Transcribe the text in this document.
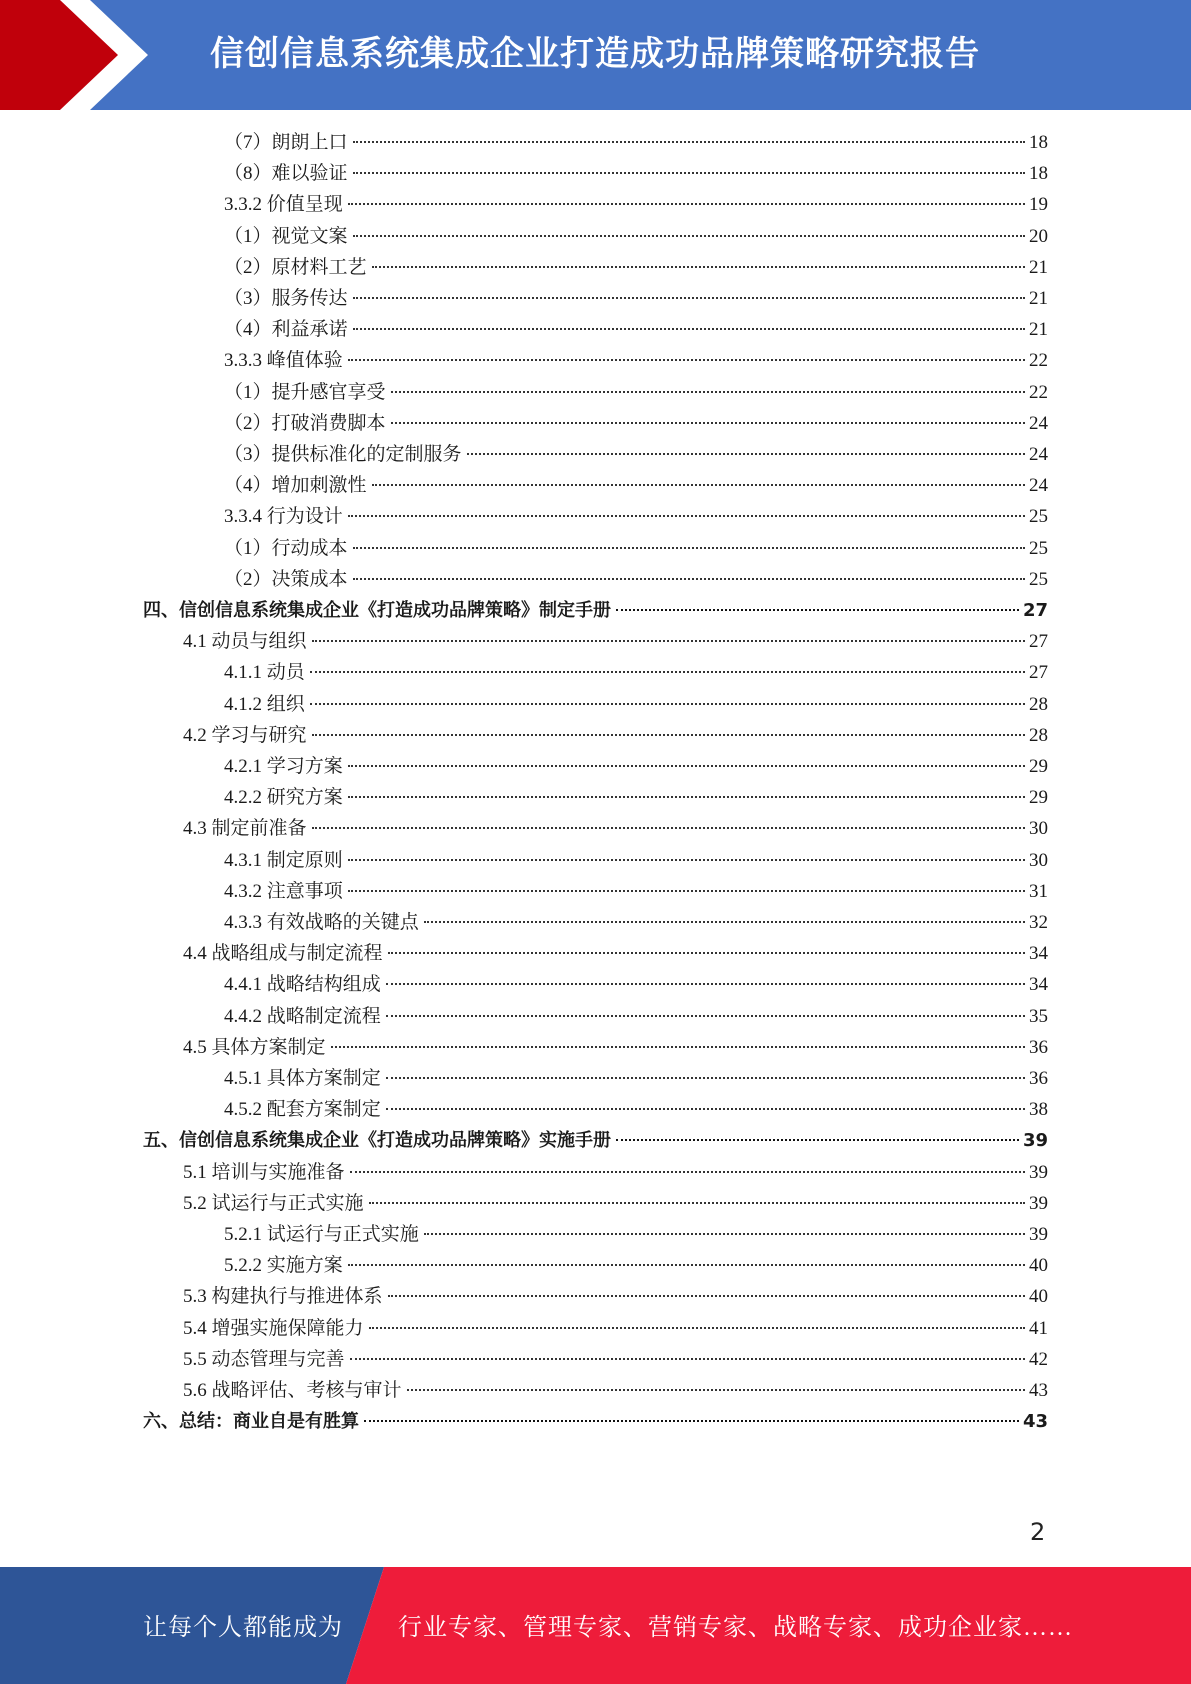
信创信息系统集成企业打造成功品牌策略研究报告
（7）朗朗上口	18
（8）难以验证	18
3.3.2 价值呈现	19
（1）视觉文案	20
（2）原材料工艺	21
（3）服务传达	21
（4）利益承诺	21
3.3.3 峰值体验	22
（1）提升感官享受	22
（2）打破消费脚本	24
（3）提供标准化的定制服务	24
（4）增加刺激性	24
3.3.4 行为设计	25
（1）行动成本	25
（2）决策成本	25
四、信创信息系统集成企业《打造成功品牌策略》制定手册	27
4.1 动员与组织	27
4.1.1 动员	27
4.1.2 组织	28
4.2 学习与研究	28
4.2.1 学习方案	29
4.2.2 研究方案	29
4.3 制定前准备	30
4.3.1 制定原则	30
4.3.2 注意事项	31
4.3.3 有效战略的关键点	32
4.4 战略组成与制定流程	34
4.4.1 战略结构组成	34
4.4.2 战略制定流程	35
4.5 具体方案制定	36
4.5.1 具体方案制定	36
4.5.2 配套方案制定	38
五、信创信息系统集成企业《打造成功品牌策略》实施手册	39
5.1 培训与实施准备	39
5.2 试运行与正式实施	39
5.2.1 试运行与正式实施	39
5.2.2 实施方案	40
5.3 构建执行与推进体系	40
5.4 增强实施保障能力	41
5.5 动态管理与完善	42
5.6 战略评估、考核与审计	43
六、总结：商业自是有胜算	43
2
让每个人都能成为 行业专家、管理专家、营销专家、战略专家、成功企业家……
